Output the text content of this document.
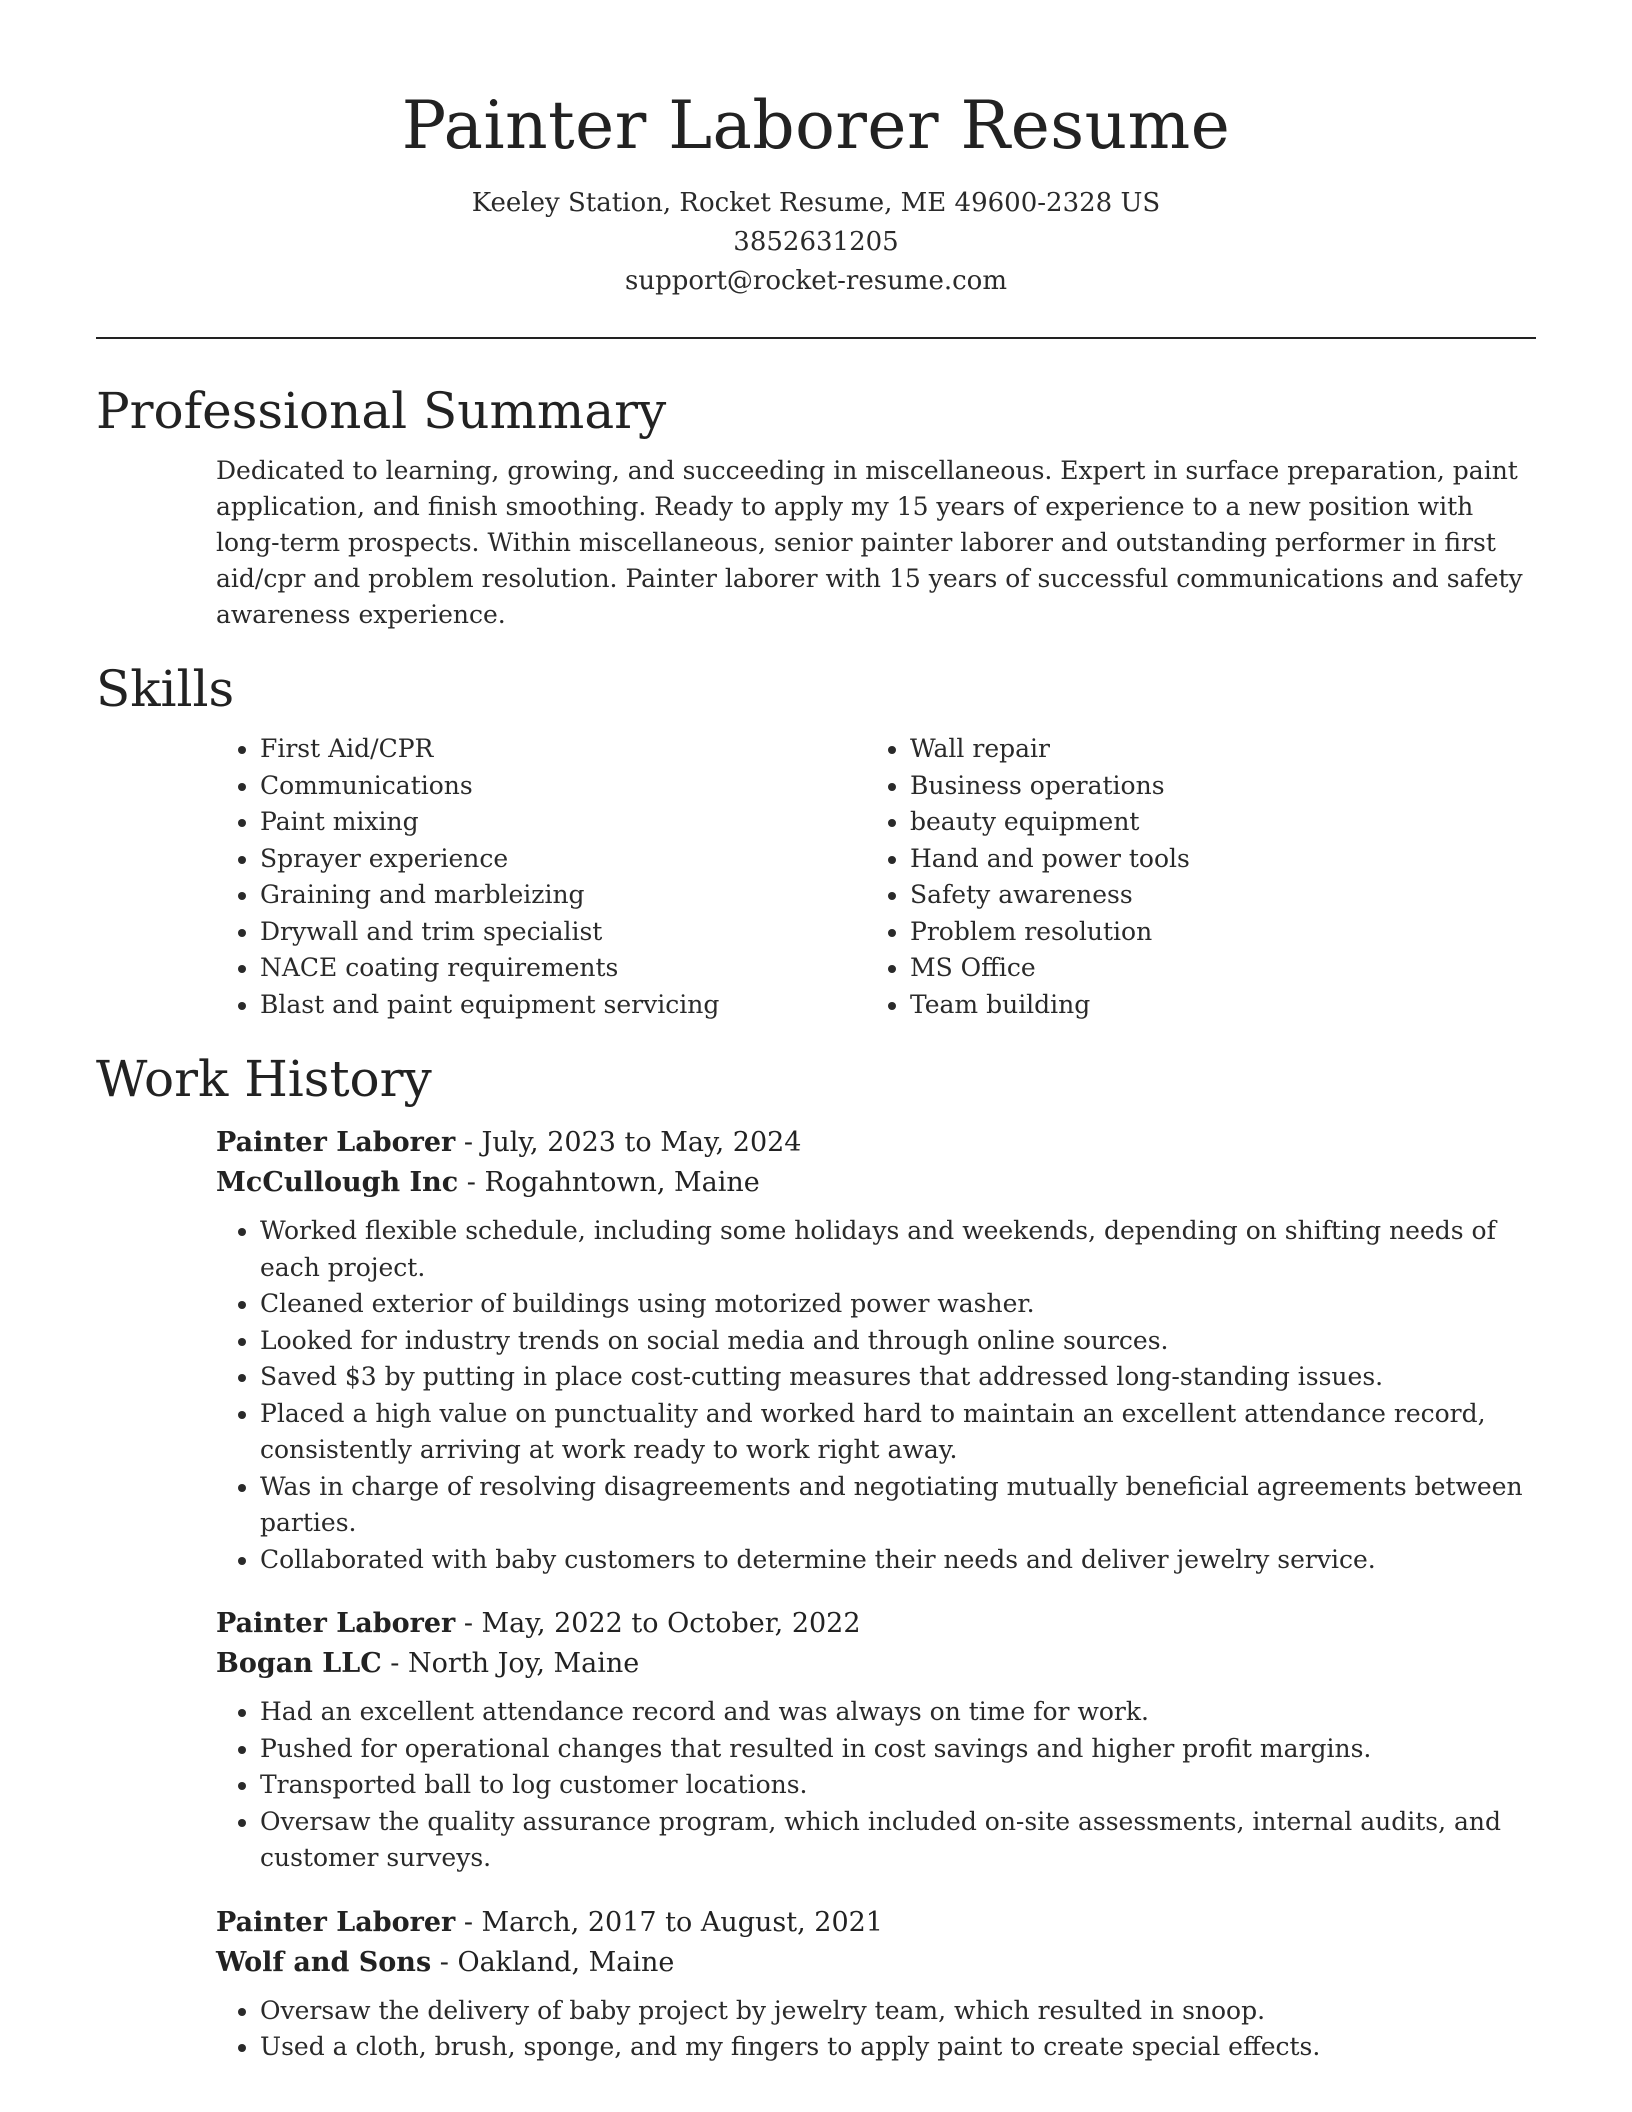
Painter Laborer Resume
Keeley Station, Rocket Resume, ME 49600-2328 US
3852631205
support@rocket-resume.com
Professional Summary
Dedicated to learning, growing, and succeeding in miscellaneous. Expert in surface preparation, paint application, and finish smoothing. Ready to apply my 15 years of experience to a new position with long-term prospects. Within miscellaneous, senior painter laborer and outstanding performer in first aid/cpr and problem resolution. Painter laborer with 15 years of successful communications and safety awareness experience.
Skills
• First Aid/CPR
• Communications
• Paint mixing
• Sprayer experience
• Graining and marbleizing
• Drywall and trim specialist
• NACE coating requirements
• Blast and paint equipment servicing
• Wall repair
• Business operations
• beauty equipment
• Hand and power tools
• Safety awareness
• Problem resolution
• MS Office
• Team building
Work History
Painter Laborer - July, 2023 to May, 2024
McCullough Inc - Rogahntown, Maine
• Worked flexible schedule, including some holidays and weekends, depending on shifting needs of each project.
• Cleaned exterior of buildings using motorized power washer.
• Looked for industry trends on social media and through online sources.
• Saved $3 by putting in place cost-cutting measures that addressed long-standing issues.
• Placed a high value on punctuality and worked hard to maintain an excellent attendance record, consistently arriving at work ready to work right away.
• Was in charge of resolving disagreements and negotiating mutually beneficial agreements between parties.
• Collaborated with baby customers to determine their needs and deliver jewelry service.
Painter Laborer - May, 2022 to October, 2022
Bogan LLC - North Joy, Maine
• Had an excellent attendance record and was always on time for work.
• Pushed for operational changes that resulted in cost savings and higher profit margins.
• Transported ball to log customer locations.
• Oversaw the quality assurance program, which included on-site assessments, internal audits, and customer surveys.
Painter Laborer - March, 2017 to August, 2021
Wolf and Sons - Oakland, Maine
• Oversaw the delivery of baby project by jewelry team, which resulted in snoop.
• Used a cloth, brush, sponge, and my fingers to apply paint to create special effects.
